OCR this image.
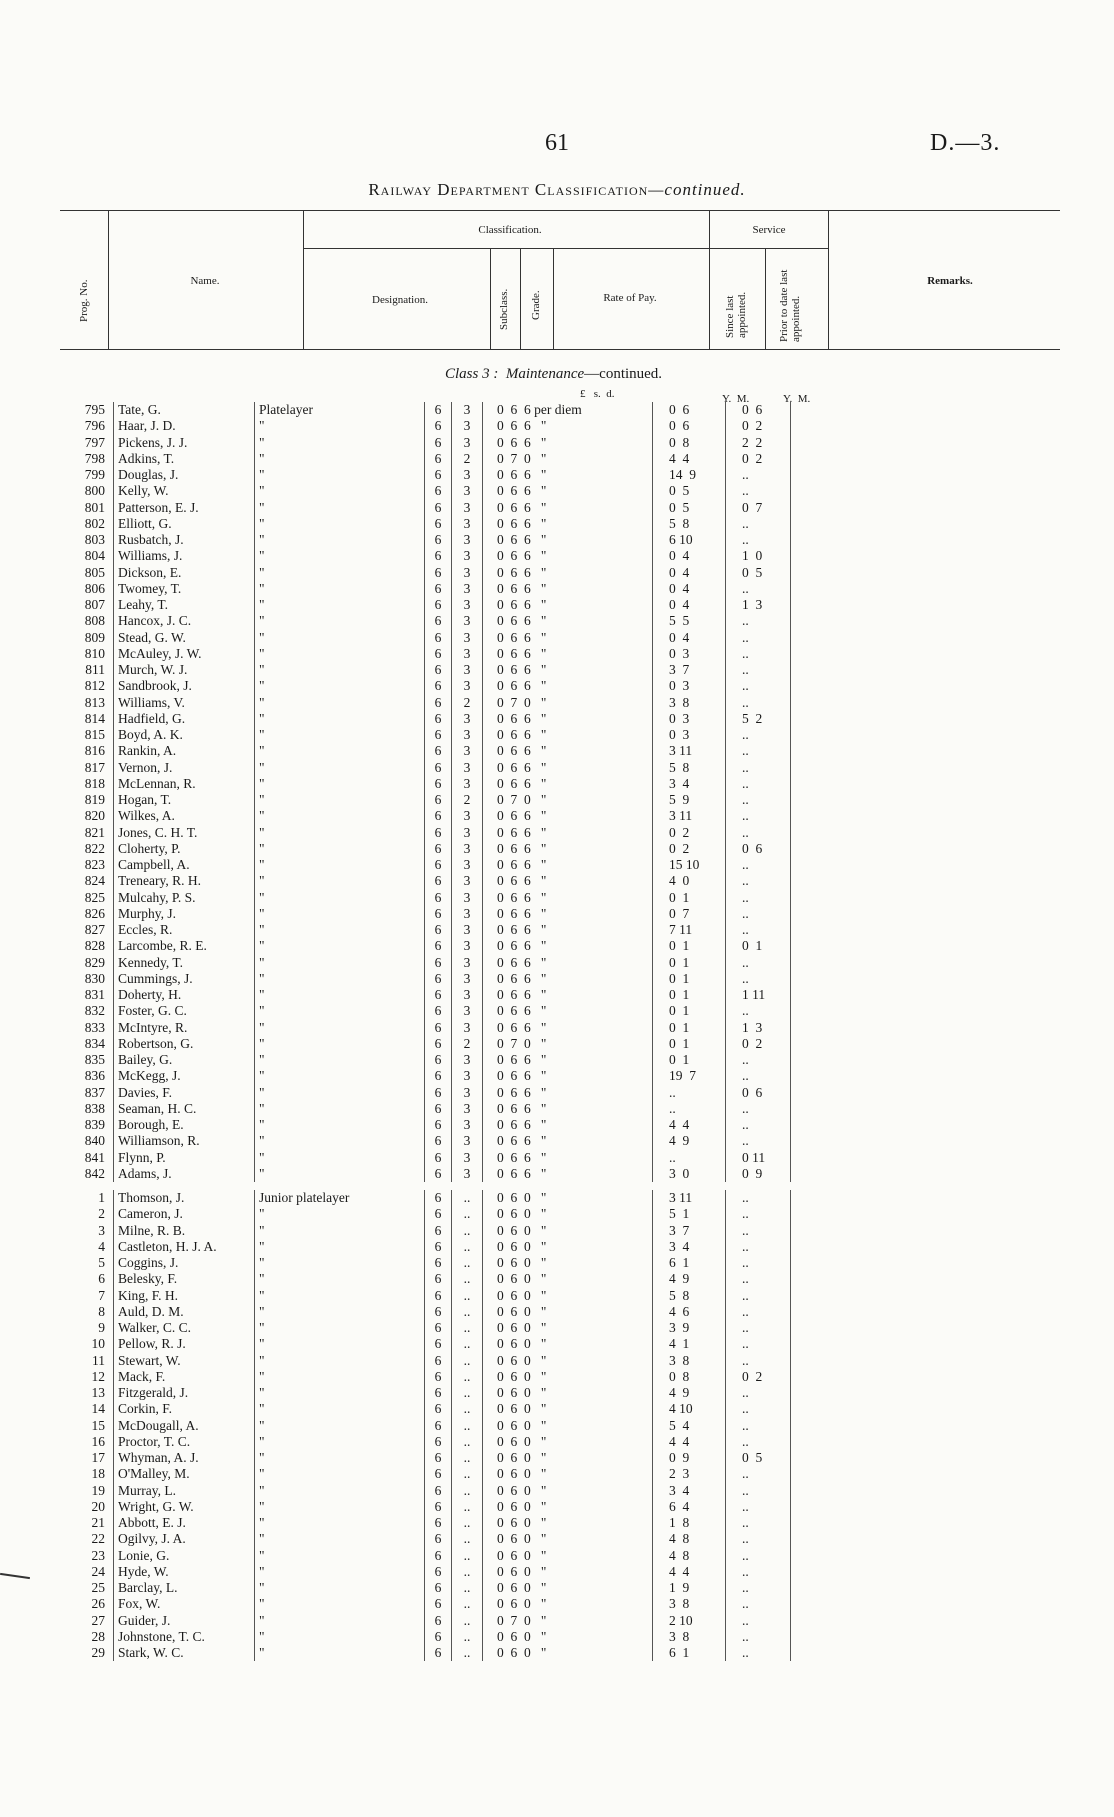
61	D.—3.
Railway Department Classification—continued.
Prog. No.	Name.
Classification.
Designation.	Subclass. Grade.	Rate of Pay.
Service
Since last appointed.	Prior to date last appointed.
Remarks.
Class 3 : Maintenance—continued.
£   s.  d.	Y.  M.	Y.  M.
795	Tate, G.	Platelayer	6	3	0  6  6 per diem	0  6	0  6
796	Haar, J. D.	"	6	3	0  6  6   "	0  6	0  2
797	Pickens, J. J.	"	6	3	0  6  6   "	0  8	2  2
798	Adkins, T.	"	6	2	0  7  0   "	4  4	0  2
799	Douglas, J.	"	6	3	0  6  6   "	14  9	..
800	Kelly, W.	"	6	3	0  6  6   "	0  5	..
801	Patterson, E. J.	"	6	3	0  6  6   "	0  5	0  7
802	Elliott, G.	"	6	3	0  6  6   "	5  8	..
803	Rusbatch, J.	"	6	3	0  6  6   "	6 10	..
804	Williams, J.	"	6	3	0  6  6   "	0  4	1  0
805	Dickson, E.	"	6	3	0  6  6   "	0  4	0  5
806	Twomey, T.	"	6	3	0  6  6   "	0  4	..
807	Leahy, T.	"	6	3	0  6  6   "	0  4	1  3
808	Hancox, J. C.	"	6	3	0  6  6   "	5  5	..
809	Stead, G. W.	"	6	3	0  6  6   "	0  4	..
810	McAuley, J. W.	"	6	3	0  6  6   "	0  3	..
811	Murch, W. J.	"	6	3	0  6  6   "	3  7	..
812	Sandbrook, J.	"	6	3	0  6  6   "	0  3	..
813	Williams, V.	"	6	2	0  7  0   "	3  8	..
814	Hadfield, G.	"	6	3	0  6  6   "	0  3	5  2
815	Boyd, A. K.	"	6	3	0  6  6   "	0  3	..
816	Rankin, A.	"	6	3	0  6  6   "	3 11	..
817	Vernon, J.	"	6	3	0  6  6   "	5  8	..
818	McLennan, R.	"	6	3	0  6  6   "	3  4	..
819	Hogan, T.	"	6	2	0  7  0   "	5  9	..
820	Wilkes, A.	"	6	3	0  6  6   "	3 11	..
821	Jones, C. H. T.	"	6	3	0  6  6   "	0  2	..
822	Cloherty, P.	"	6	3	0  6  6   "	0  2	0  6
823	Campbell, A.	"	6	3	0  6  6   "	15 10	..
824	Treneary, R. H.	"	6	3	0  6  6   "	4  0	..
825	Mulcahy, P. S.	"	6	3	0  6  6   "	0  1	..
826	Murphy, J.	"	6	3	0  6  6   "	0  7	..
827	Eccles, R.	"	6	3	0  6  6   "	7 11	..
828	Larcombe, R. E.	"	6	3	0  6  6   "	0  1	0  1
829	Kennedy, T.	"	6	3	0  6  6   "	0  1	..
830	Cummings, J.	"	6	3	0  6  6   "	0  1	..
831	Doherty, H.	"	6	3	0  6  6   "	0  1	1 11
832	Foster, G. C.	"	6	3	0  6  6   "	0  1	..
833	McIntyre, R.	"	6	3	0  6  6   "	0  1	1  3
834	Robertson, G.	"	6	2	0  7  0   "	0  1	0  2
835	Bailey, G.	"	6	3	0  6  6   "	0  1	..
836	McKegg, J.	"	6	3	0  6  6   "	19  7	..
837	Davies, F.	"	6	3	0  6  6   "	..	0  6
838	Seaman, H. C.	"	6	3	0  6  6   "	..	..
839	Borough, E.	"	6	3	0  6  6   "	4  4	..
840	Williamson, R.	"	6	3	0  6  6   "	4  9	..
841	Flynn, P.	"	6	3	0  6  6   "	..	0 11
842	Adams, J.	"	6	3	0  6  6   "	3  0	0  9
1	Thomson, J.	Junior platelayer	6	..	0  6  0   "	3 11	..
2	Cameron, J.	"	6	..	0  6  0   "	5  1	..
3	Milne, R. B.	"	6	..	0  6  0   "	3  7	..
4	Castleton, H. J. A.	"	6	..	0  6  0   "	3  4	..
5	Coggins, J.	"	6	..	0  6  0   "	6  1	..
6	Belesky, F.	"	6	..	0  6  0   "	4  9	..
7	King, F. H.	"	6	..	0  6  0   "	5  8	..
8	Auld, D. M.	"	6	..	0  6  0   "	4  6	..
9	Walker, C. C.	"	6	..	0  6  0   "	3  9	..
10	Pellow, R. J.	"	6	..	0  6  0   "	4  1	..
11	Stewart, W.	"	6	..	0  6  0   "	3  8	..
12	Mack, F.	"	6	..	0  6  0   "	0  8	0  2
13	Fitzgerald, J.	"	6	..	0  6  0   "	4  9	..
14	Corkin, F.	"	6	..	0  6  0   "	4 10	..
15	McDougall, A.	"	6	..	0  6  0   "	5  4	..
16	Proctor, T. C.	"	6	..	0  6  0   "	4  4	..
17	Whyman, A. J.	"	6	..	0  6  0   "	0  9	0  5
18	O'Malley, M.	"	6	..	0  6  0   "	2  3	..
19	Murray, L.	"	6	..	0  6  0   "	3  4	..
20	Wright, G. W.	"	6	..	0  6  0   "	6  4	..
21	Abbott, E. J.	"	6	..	0  6  0   "	1  8	..
22	Ogilvy, J. A.	"	6	..	0  6  0   "	4  8	..
23	Lonie, G.	"	6	..	0  6  0   "	4  8	..
24	Hyde, W.	"	6	..	0  6  0   "	4  4	..
25	Barclay, L.	"	6	..	0  6  0   "	1  9	..
26	Fox, W.	"	6	..	0  6  0   "	3  8	..
27	Guider, J.	"	6	..	0  7  0   "	2 10	..
28	Johnstone, T. C.	"	6	..	0  6  0   "	3  8	..
29	Stark, W. C.	"	6	..	0  6  0   "	6  1	..
